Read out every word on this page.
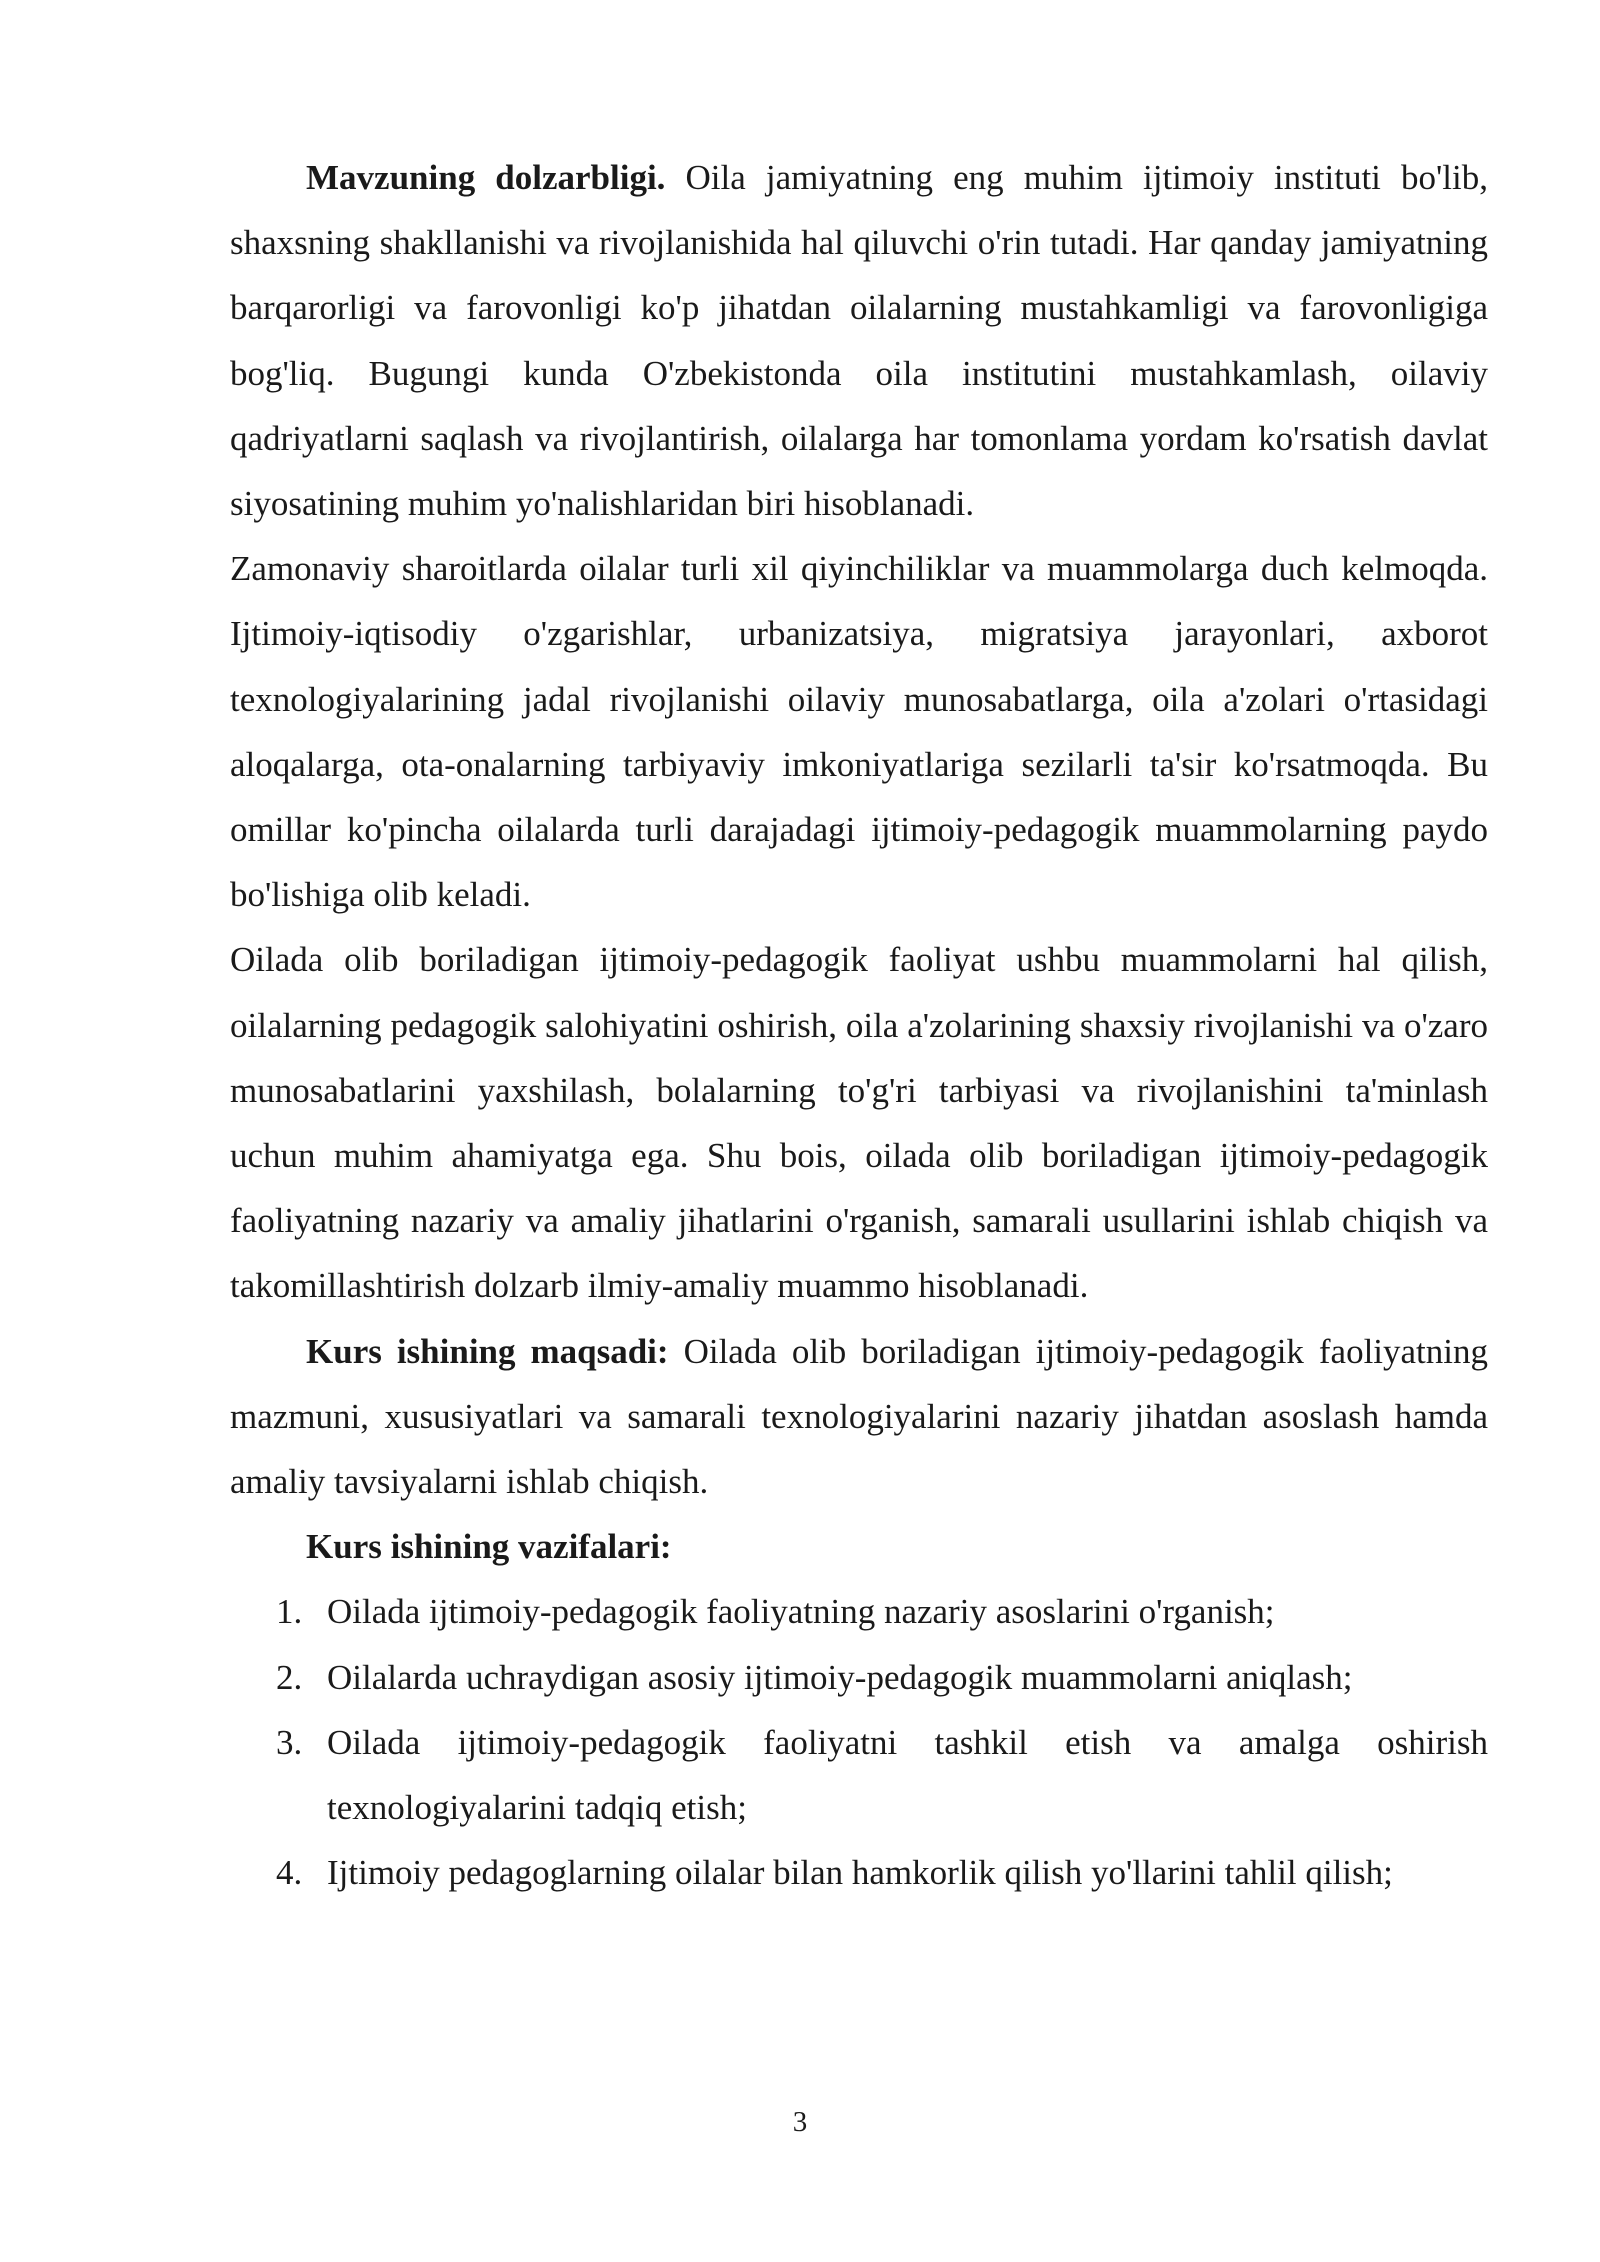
Mavzuning dolzarbligi. Oila jamiyatning eng muhim ijtimoiy instituti bo'lib, shaxsning shakllanishi va rivojlanishida hal qiluvchi o'rin tutadi. Har qanday jamiyatning barqarorligi va farovonligi ko'p jihatdan oilalarning mustahkamligi va farovonligiga bog'liq. Bugungi kunda O'zbekistonda oila institutini mustahkamlash, oilaviy qadriyatlarni saqlash va rivojlantirish, oilalarga har tomonlama yordam ko'rsatish davlat siyosatining muhim yo'nalishlaridan biri hisoblanadi.

Zamonaviy sharoitlarda oilalar turli xil qiyinchiliklar va muammolarga duch kelmoqda. Ijtimoiy-iqtisodiy o'zgarishlar, urbanizatsiya, migratsiya jarayonlari, axborot texnologiyalarining jadal rivojlanishi oilaviy munosabatlarga, oila a'zolari o'rtasidagi aloqalarga, ota-onalarning tarbiyaviy imkoniyatlariga sezilarli ta'sir ko'rsatmoqda. Bu omillar ko'pincha oilalarda turli darajadagi ijtimoiy-pedagogik muammolarning paydo bo'lishiga olib keladi.

Oilada olib boriladigan ijtimoiy-pedagogik faoliyat ushbu muammolarni hal qilish, oilalarning pedagogik salohiyatini oshirish, oila a'zolarining shaxsiy rivojlanishi va o'zaro munosabatlarini yaxshilash, bolalarning to'g'ri tarbiyasi va rivojlanishini ta'minlash uchun muhim ahamiyatga ega. Shu bois, oilada olib boriladigan ijtimoiy-pedagogik faoliyatning nazariy va amaliy jihatlarini o'rganish, samarali usullarini ishlab chiqish va takomillashtirish dolzarb ilmiy-amaliy muammo hisoblanadi.

Kurs ishining maqsadi: Oilada olib boriladigan ijtimoiy-pedagogik faoliyatning mazmuni, xususiyatlari va samarali texnologiyalarini nazariy jihatdan asoslash hamda amaliy tavsiyalarni ishlab chiqish.

Kurs ishining vazifalari:

1. Oilada ijtimoiy-pedagogik faoliyatning nazariy asoslarini o'rganish;
2. Oilalarda uchraydigan asosiy ijtimoiy-pedagogik muammolarni aniqlash;
3. Oilada ijtimoiy-pedagogik faoliyatni tashkil etish va amalga oshirish texnologiyalarini tadqiq etish;
4. Ijtimoiy pedagoglarning oilalar bilan hamkorlik qilish yo'llarini tahlil qilish;
3
